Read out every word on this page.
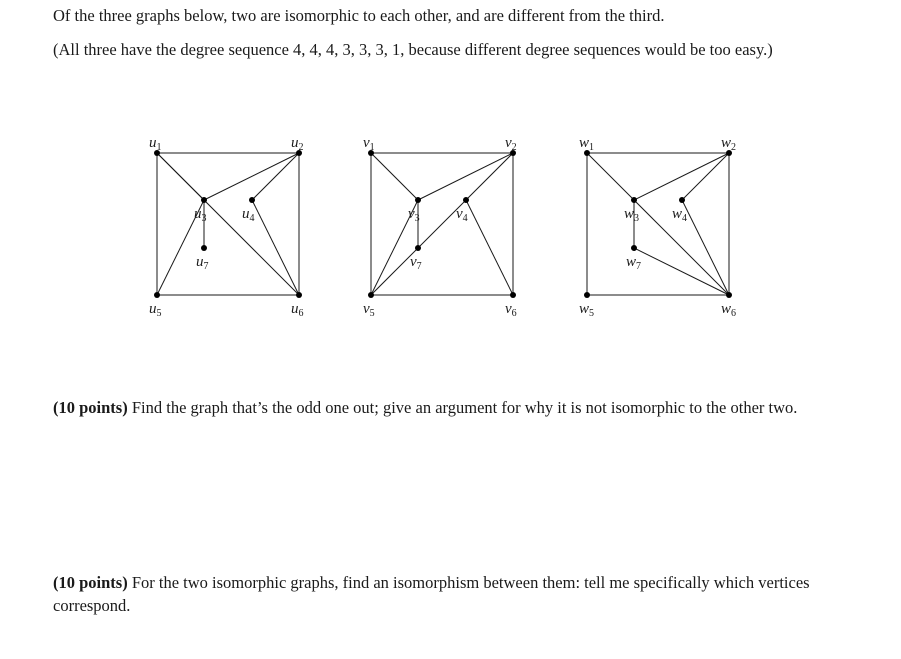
Of the three graphs below, two are isomorphic to each other, and are different from the third.
(All three have the degree sequence 4, 4, 4, 3, 3, 3, 1, because different degree sequences would be too easy.)
(10 points) Find the graph that’s the odd one out; give an argument for why it is not isomorphic to the other two.
(10 points) For the two isomorphic graphs, find an isomorphism between them: tell me specifically which vertices correspond.
$u_1$	$u_2$
$u_3$ $u_4$
$u_5$	$u_6$
$u_7$
$v_1$	$v_2$
$v_3$ $v_4$
$v_5$	$v_6$
$v_7$
$w_1$	$w_2$
$w_3$ $w_4$
$w_5$	$w_6$
$w_7$
